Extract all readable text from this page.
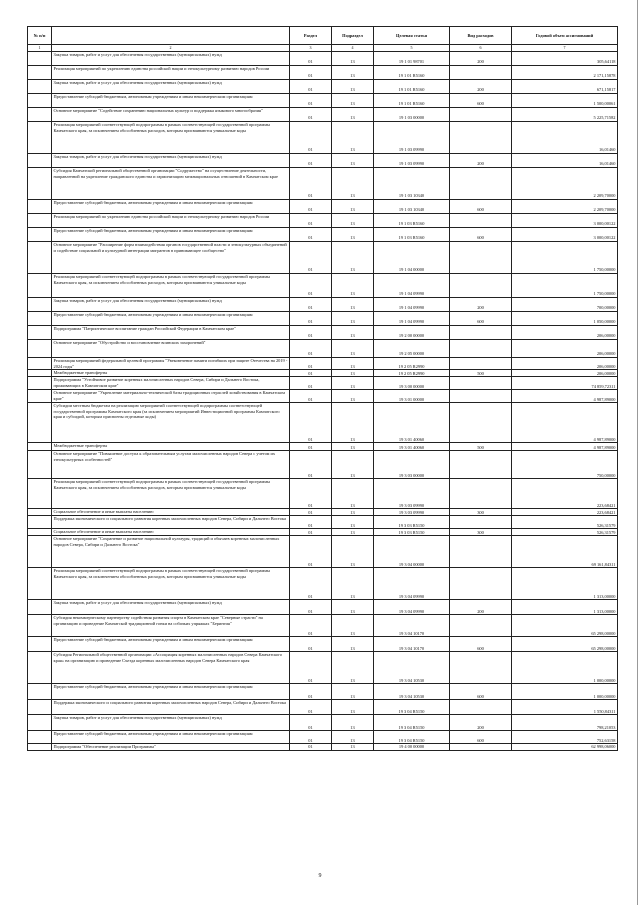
№ п/п		Раздел	Подраздел	Целевая статья	Вид расходов	Годовой объем ассигнований
1	2	3	4	5	6	7
	Закупка товаров, работ и услуг для обеспечения государственных (муниципальных) нужд	01	13	19 1 01 98701	200	305,64118
	Реализация мероприятий по укреплению единства российской нации и этнокультурному развитию народов России	01	13	19 1 01 R5160		2 171,15878
	Закупка товаров, работ и услуг для обеспечения государственных (муниципальных) нужд	01	13	19 1 01 R5160	200	671,15817
	Предоставление субсидий бюджетным, автономным учреждениям и иным некоммерческим организациям	01	13	19 1 01 R5160	600	1 500,00061
	Основное мероприятие "Содействие сохранению национальных культур и поддержка языкового многообразия"	01	13	19 1 03 00000		5 225,71582
	Реализация мероприятий соответствующей подпрограммы в рамках соответствующей государственной программы Камчатского края, за исключением обособленных расходов, которым присваиваются уникальные коды	01	13	19 1 03 09990		16,01460
	Закупка товаров, работ и услуг для обеспечения государственных (муниципальных) нужд	01	13	19 1 03 09990	200	16,01460
	Субсидия Камчатской региональной общественной организации "Содружество" на осуществление деятельности, направленной на укрепление гражданского единства и гармонизацию межнациональных отношений в Камчатском крае	01	13	19 1 03 10340		2 209,70000
	Предоставление субсидий бюджетным, автономным учреждениям и иным некоммерческим организациям	01	13	19 1 03 10340	600	2 209,70000
	Реализация мероприятий по укреплению единства российской нации и этнокультурному развитию народов России	01	13	19 1 03 R5160		3 000,00122
	Предоставление субсидий бюджетным, автономным учреждениям и иным некоммерческим организациям	01	13	19 1 03 R5160	600	3 000,00122
	Основное мероприятие "Расширение форм взаимодействия органов государственной власти и этнокультурных объединений и содействие социальной и культурной интеграции мигрантов в принимающее сообщество"	01	13	19 1 04 00000		1 750,00000
	Реализация мероприятий соответствующей подпрограммы в рамках соответствующей государственной программы Камчатского края, за исключением обособленных расходов, которым присваиваются уникальные коды	01	13	19 1 04 09990		1 750,00000
	Закупка товаров, работ и услуг для обеспечения государственных (муниципальных) нужд	01	13	19 1 04 09990	200	700,00000
	Предоставление субсидий бюджетным, автономным учреждениям и иным некоммерческим организациям	01	13	19 1 04 09990	600	1 050,00000
	Подпрограмма "Патриотическое воспитание граждан Российской Федерации в Камчатском крае"	01	13	19 2 00 00000		206,00000
	Основное мероприятие "Обустройство и восстановление воинских захоронений"	01	13	19 2 05 00000		206,00000
	Реализация мероприятий федеральной целевой программы "Увековечение памяти погибших при защите Отечества на 2019 - 2024 годы"	01	13	19 2 05 R2990		206,00000
	Межбюджетные трансферты	01	13	19 2 05 R2990	500	206,00000
	Подпрограмма "Устойчивое развитие коренных малочисленных народов Севера, Сибири и Дальнего Востока, проживающих в Камчатском крае"	01	13	19 3 00 00000		74 859,72311
	Основное мероприятие "Укрепление материально-технической базы традиционных отраслей хозяйствования в Камчатском крае"	01	13	19 3 01 00000		4 987,89000
	Субсидии местным бюджетам на реализацию мероприятий соответствующей подпрограммы соответствующей государственной программы Камчатского края (за исключением мероприятий Инвестиционной программы Камчатского края и субсидий, которым присвоены отдельные коды)	01	13	19 3 01 40060		4 987,89000
	Межбюджетные трансферты	01	13	19 3 01 40060	500	4 987,89000
	Основное мероприятие "Повышение доступа к образовательным услугам малочисленных народов Севера с учетом их этнокультурных особенностей"	01	13	19 3 03 00000		750,00000
	Реализация мероприятий соответствующей подпрограммы в рамках соответствующей государственной программы Камчатского края, за исключением обособленных расходов, которым присваиваются уникальные коды	01	13	19 3 03 09990		223,68421
	Социальное обеспечение и иные выплаты населению	01	13	19 3 03 09990	300	223,68421
	Поддержка экономического и социального развития коренных малочисленных народов Севера, Сибири и Дальнего Востока	01	13	19 3 03 R5150		526,31579
	Социальное обеспечение и иные выплаты населению	01	13	19 3 03 R5150	300	526,31579
	Основное мероприятие "Сохранение и развитие национальной культуры, традиций и обычаев коренных малочисленных народов Севера, Сибири и Дальнего Востока"	01	13	19 3 04 00000		69 161,84311
	Реализация мероприятий соответствующей подпрограммы в рамках соответствующей государственной программы Камчатского края, за исключением обособленных расходов, которым присваиваются уникальные коды	01	13	19 3 04 09990		1 313,00000
	Закупка товаров, работ и услуг для обеспечения государственных (муниципальных) нужд	01	13	19 3 04 09990	200	1 313,00000
	Субсидия некоммерческому партнерству содействия развития спорта в Камчатском крае "Северные страсти" на организацию и проведение Камчатской традиционной гонки на собачьих упряжках "Берингия"	01	13	19 3 04 10170		65 298,00000
	Предоставление субсидий бюджетным, автономным учреждениям и иным некоммерческим организациям	01	13	19 3 04 10170	600	65 298,00000
	Субсидия Региональной общественной организации «Ассоциация коренных малочисленных народов Севера Камчатского края» на организацию и проведение Съезда коренных малочисленных народов Севера Камчатского края	01	13	19 3 04 10530		1 000,00000
	Предоставление субсидий бюджетным, автономным учреждениям и иным некоммерческим организациям	01	13	19 3 04 10530	600	1 000,00000
	Поддержка экономического и социального развития коренных малочисленных народов Севера, Сибири и Дальнего Востока	01	13	19 3 04 R5150		1 550,84311
	Закупка товаров, работ и услуг для обеспечения государственных (муниципальных) нужд	01	13	19 3 04 R5150	200	798,21053
	Предоставление субсидий бюджетным, автономным учреждениям и иным некоммерческим организациям	01	13	19 3 04 R5150	600	752,63158
	Подпрограмма "Обеспечение реализации Программы"	01	13	19 4 00 00000		62 998,06000
9
